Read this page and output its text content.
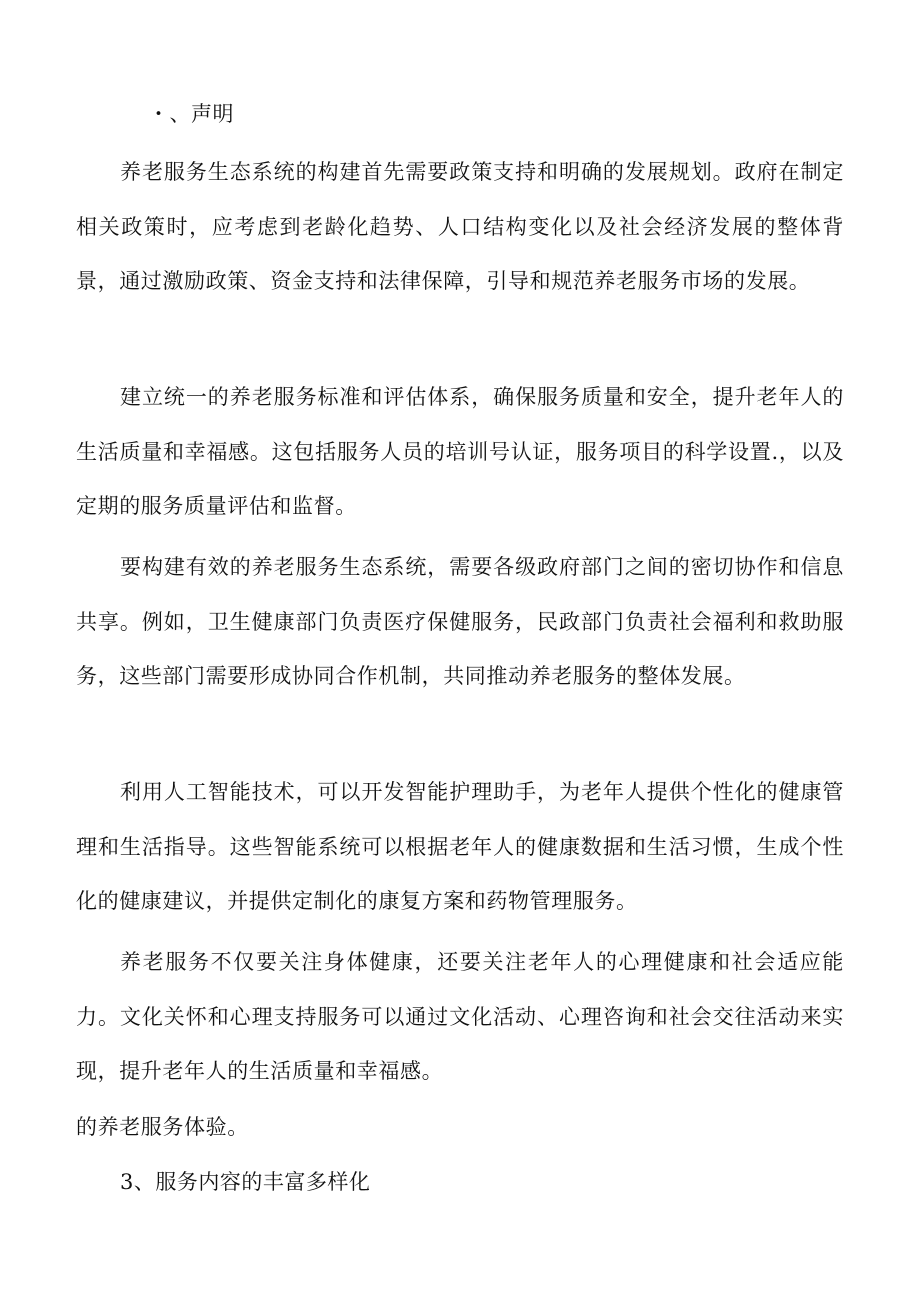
・、声明

养老服务生态系统的构建首先需要政策支持和明确的发展规划。政府在制定相关政策时，应考虑到老龄化趋势、人口结构变化以及社会经济发展的整体背景，通过激励政策、资金支持和法律保障，引导和规范养老服务市场的发展。

建立统一的养老服务标准和评估体系，确保服务质量和安全，提升老年人的生活质量和幸福感。这包括服务人员的培训号认证，服务项目的科学设置.，以及定期的服务质量评估和监督。

要构建有效的养老服务生态系统，需要各级政府部门之间的密切协作和信息共享。例如，卫生健康部门负责医疗保健服务，民政部门负责社会福利和救助服务，这些部门需要形成协同合作机制，共同推动养老服务的整体发展。

利用人工智能技术，可以开发智能护理助手，为老年人提供个性化的健康管理和生活指导。这些智能系统可以根据老年人的健康数据和生活习惯，生成个性化的健康建议，并提供定制化的康复方案和药物管理服务。

养老服务不仅要关注身体健康，还要关注老年人的心理健康和社会适应能力。文化关怀和心理支持服务可以通过文化活动、心理咨询和社会交往活动来实现，提升老年人的生活质量和幸福感。

的养老服务体验。
3、服务内容的丰富多样化
